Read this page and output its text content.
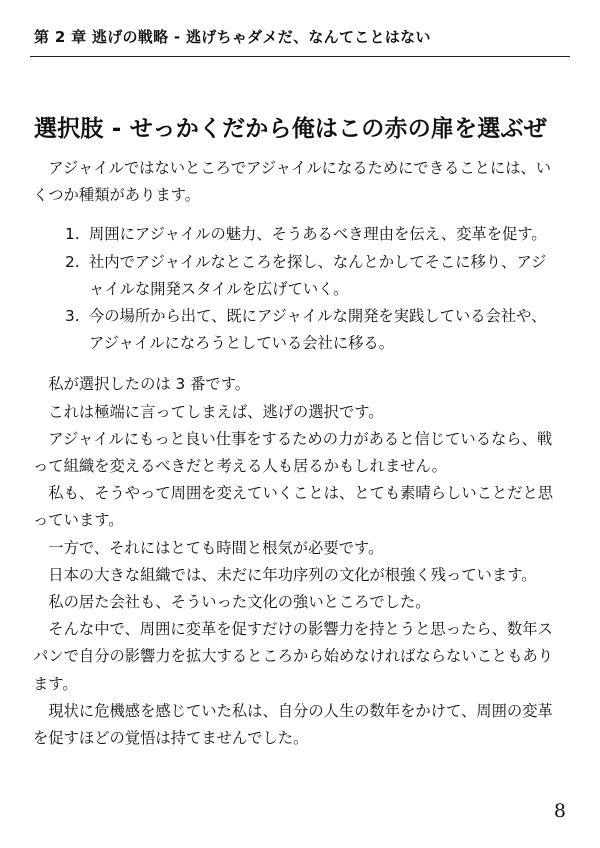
第 2 章 逃げの戦略 - 逃げちゃダメだ、なんてことはない
選択肢 - せっかくだから俺はこの赤の扉を選ぶぜ

アジャイルではないところでアジャイルになるためにできることには、いくつか種類があります。

1. 周囲にアジャイルの魅力、そうあるべき理由を伝え、変革を促す。
2. 社内でアジャイルなところを探し、なんとかしてそこに移り、アジャイルな開発スタイルを広げていく。
3. 今の場所から出て、既にアジャイルな開発を実践している会社や、アジャイルになろうとしている会社に移る。

私が選択したのは 3 番です。

これは極端に言ってしまえば、逃げの選択です。

アジャイルにもっと良い仕事をするための力があると信じているなら、戦って組織を変えるべきだと考える人も居るかもしれません。

私も、そうやって周囲を変えていくことは、とても素晴らしいことだと思っています。

一方で、それにはとても時間と根気が必要です。

日本の大きな組織では、未だに年功序列の文化が根強く残っています。

私の居た会社も、そういった文化の強いところでした。

そんな中で、周囲に変革を促すだけの影響力を持とうと思ったら、数年スパンで自分の影響力を拡大するところから始めなければならないこともあります。

現状に危機感を感じていた私は、自分の人生の数年をかけて、周囲の変革を促すほどの覚悟は持てませんでした。

8
